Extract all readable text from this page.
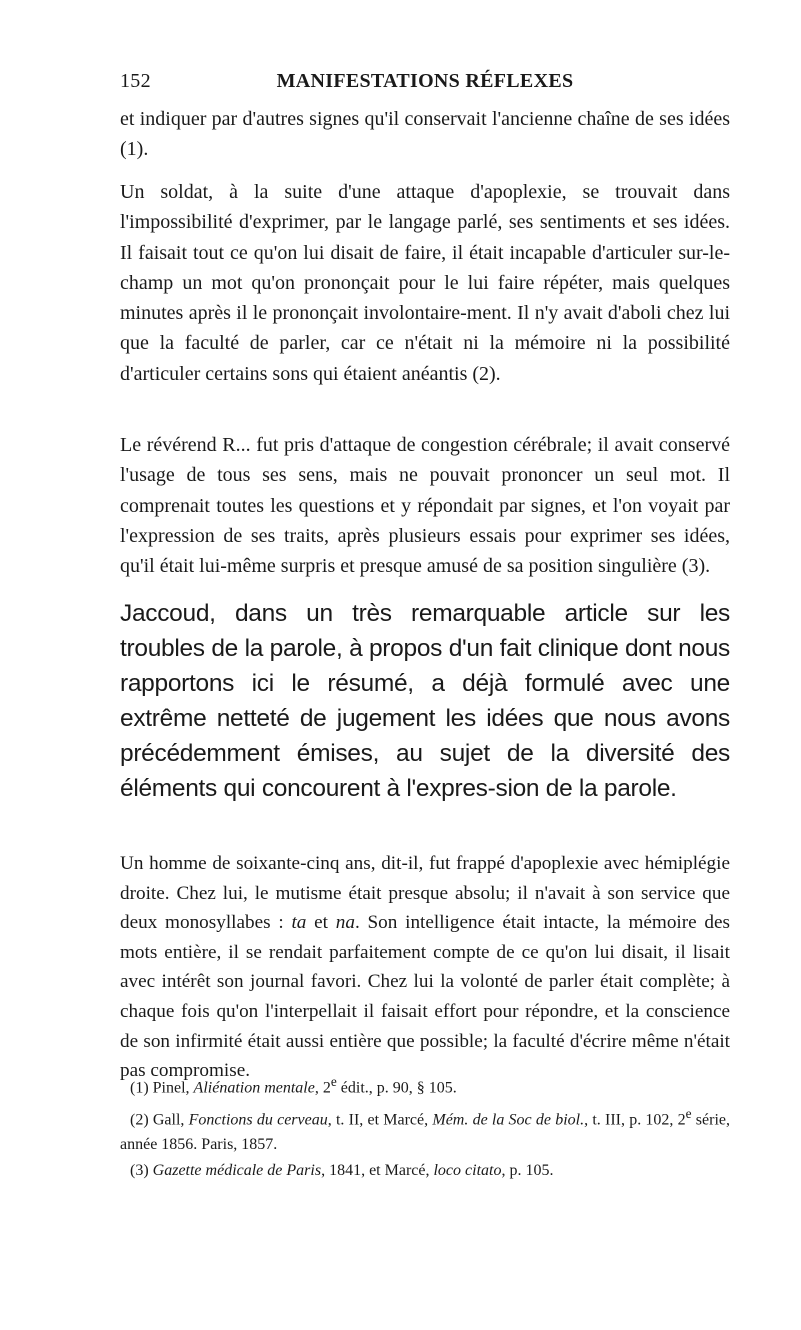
152	MANIFESTATIONS RÉFLEXES

et indiquer par d'autres signes qu'il conservait l'ancienne chaîne de ses idées (1).

Un soldat, à la suite d'une attaque d'apoplexie, se trouvait dans l'impossibilité d'exprimer, par le langage parlé, ses sentiments et ses idées. Il faisait tout ce qu'on lui disait de faire, il était incapable d'articuler sur-le-champ un mot qu'on prononçait pour le lui faire répéter, mais quelques minutes après il le prononçait involontaire-ment. Il n'y avait d'aboli chez lui que la faculté de parler, car ce n'était ni la mémoire ni la possibilité d'articuler certains sons qui étaient anéantis (2).

Le révérend R... fut pris d'attaque de congestion cérébrale; il avait conservé l'usage de tous ses sens, mais ne pouvait prononcer un seul mot. Il comprenait toutes les questions et y répondait par signes, et l'on voyait par l'expression de ses traits, après plusieurs essais pour exprimer ses idées, qu'il était lui-même surpris et presque amusé de sa position singulière (3).

Jaccoud, dans un très remarquable article sur les troubles de la parole, à propos d'un fait clinique dont nous rapportons ici le résumé, a déjà formulé avec une extrême netteté de jugement les idées que nous avons précédemment émises, au sujet de la diversité des éléments qui concourent à l'expres-sion de la parole.

Un homme de soixante-cinq ans, dit-il, fut frappé d'apoplexie avec hémiplégie droite. Chez lui, le mutisme était presque absolu; il n'avait à son service que deux monosyllabes : ta et na. Son intelligence était intacte, la mémoire des mots entière, il se rendait parfaitement compte de ce qu'on lui disait, il lisait avec intérêt son journal favori. Chez lui la volonté de parler était complète; à chaque fois qu'on l'interpellait il faisait effort pour répondre, et la conscience de son infirmité était aussi entière que possible; la faculté d'écrire même n'était pas compromise.

(1) Pinel, Aliénation mentale, 2e édit., p. 90, § 105.

(2) Gall, Fonctions du cerveau, t. II, et Marcé, Mém. de la Soc de biol., t. III, p. 102, 2e série, année 1856. Paris, 1857.

(3) Gazette médicale de Paris, 1841, et Marcé, loco citato, p. 105.
